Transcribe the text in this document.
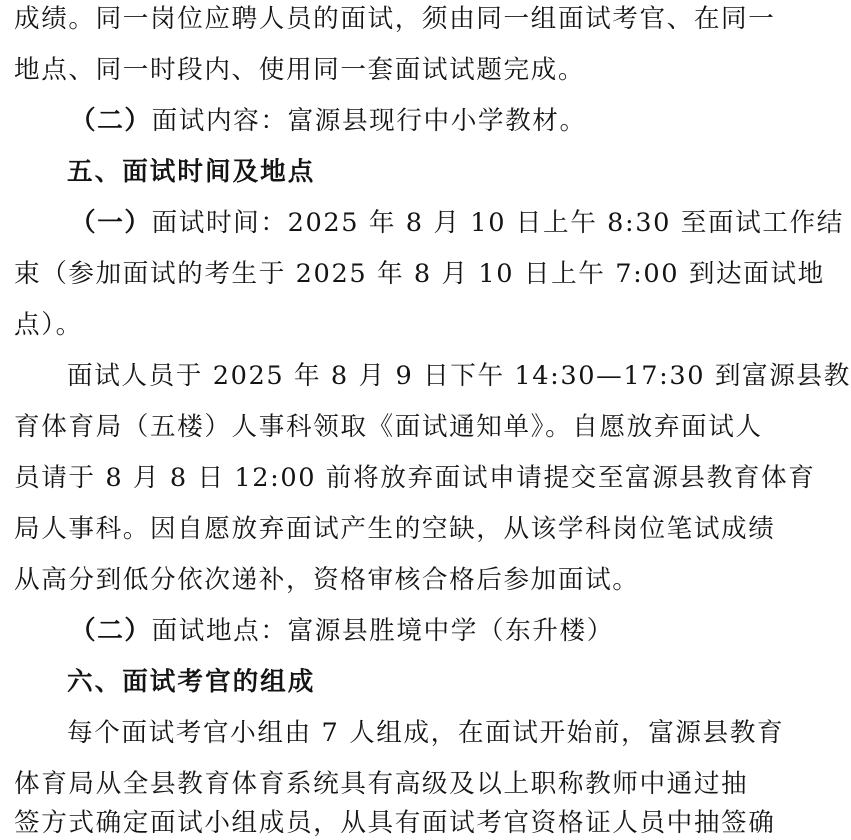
成绩。同一岗位应聘人员的面试，须由同一组面试考官、在同一
地点、同一时段内、使用同一套面试试题完成。
（二）面试内容：富源县现行中小学教材。
五、面试时间及地点
（一）面试时间：2025 年 8 月 10 日上午 8:30 至面试工作结
束（参加面试的考生于 2025 年 8 月 10 日上午 7:00 到达面试地
点）。
面试人员于 2025 年 8 月 9 日下午 14:30—17:30 到富源县教
育体育局（五楼）人事科领取《面试通知单》。自愿放弃面试人
员请于 8 月 8 日 12:00 前将放弃面试申请提交至富源县教育体育
局人事科。因自愿放弃面试产生的空缺，从该学科岗位笔试成绩
从高分到低分依次递补，资格审核合格后参加面试。
（二）面试地点：富源县胜境中学（东升楼）
六、面试考官的组成
每个面试考官小组由 7 人组成，在面试开始前，富源县教育
体育局从全县教育体育系统具有高级及以上职称教师中通过抽
签方式确定面试小组成员，从具有面试考官资格证人员中抽签确
